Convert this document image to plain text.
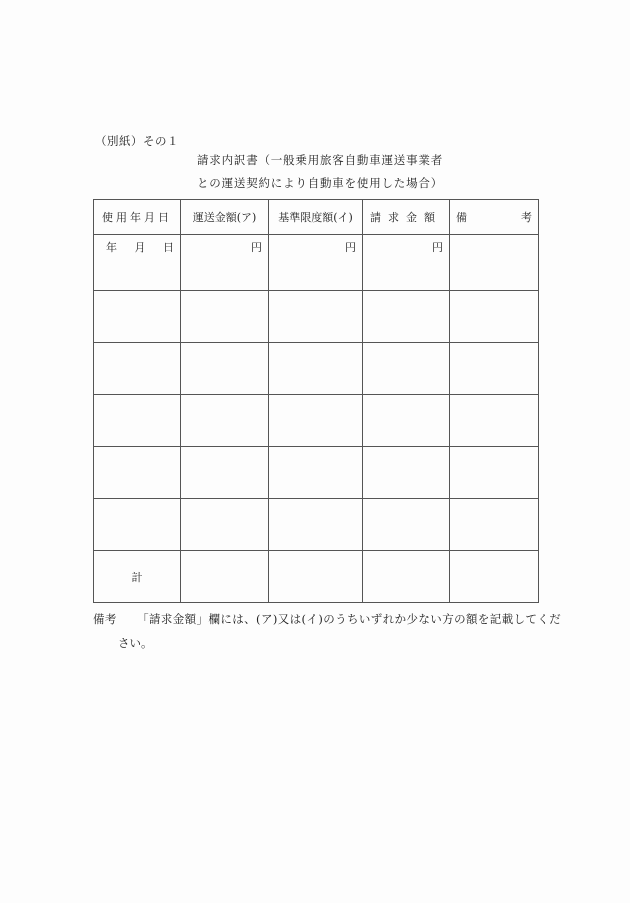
（別紙）その１
請求内訳書（一般乗用旅客自動車運送事業者
との運送契約により自動車を使用した場合）
使用年月日	運送金額(ア)	基準限度額(イ)	請求金額	備 考

年 月 日	円	円	円	

計				
備考 「請求金額」欄には、(ア)又は(イ)のうちいずれか少ない方の額を記載してくだ
さい。
